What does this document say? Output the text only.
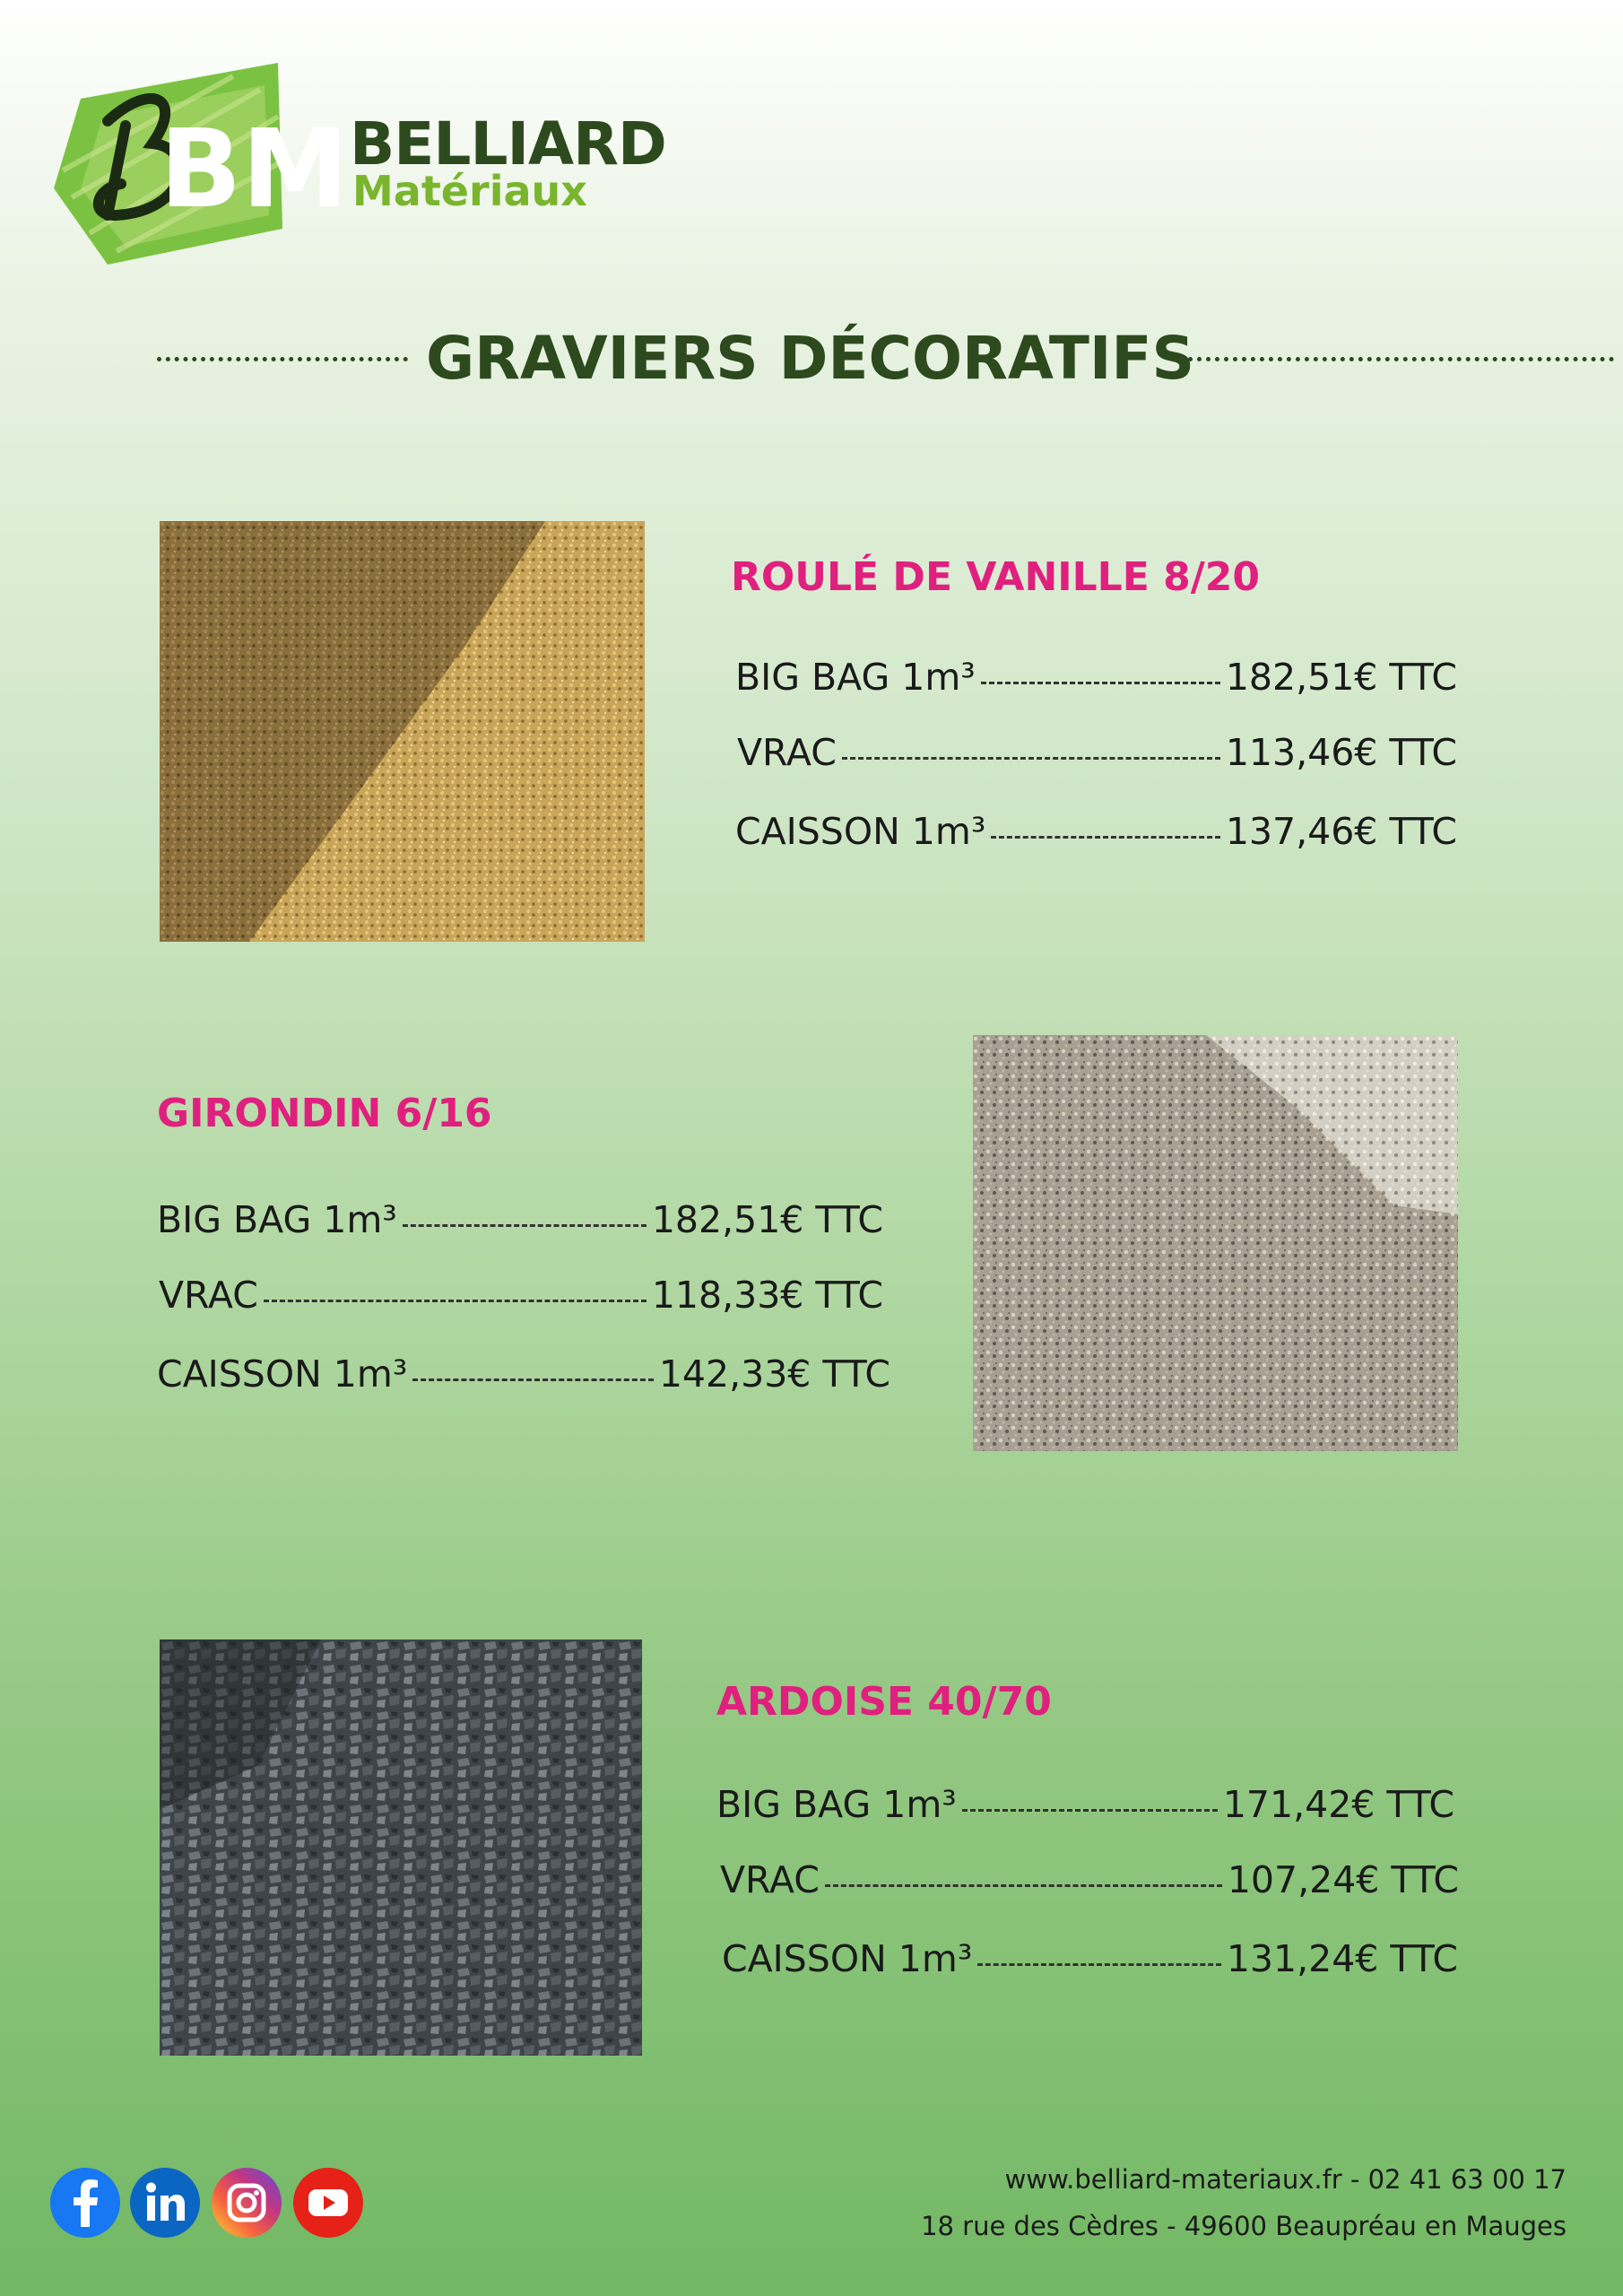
BM BELLIARD
Matériaux
GRAVIERS DÉCORATIFS
ROULÉ DE VANILLE 8/20
BIG BAG 1m³	182,51€ TTC
VRAC	113,46€ TTC
CAISSON 1m³	137,46€ TTC
GIRONDIN 6/16
BIG BAG 1m³	182,51€ TTC
VRAC	118,33€ TTC
CAISSON 1m³	142,33€ TTC
ARDOISE 40/70
BIG BAG 1m³	171,42€ TTC
VRAC	107,24€ TTC
CAISSON 1m³	131,24€ TTC
www.belliard-materiaux.fr - 02 41 63 00 17
18 rue des Cèdres - 49600 Beaupréau en Mauges
